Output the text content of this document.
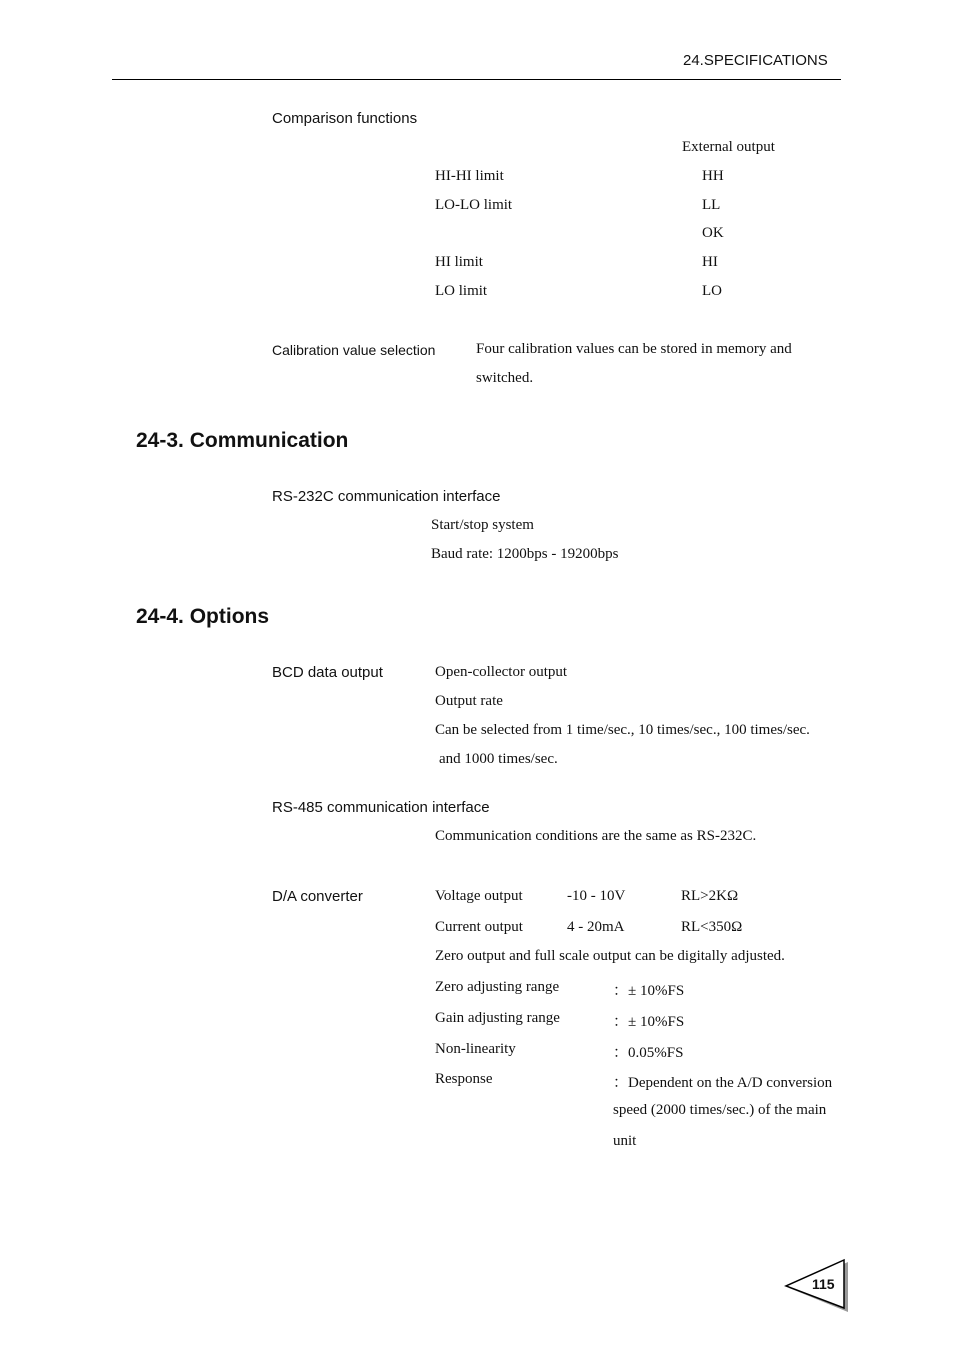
24.SPECIFICATIONS
Comparison functions
External output
HI-HI limit	HH
LO-LO limit	LL
OK
HI limit	HI
LO limit	LO
Calibration value selection	Four calibration values can be stored in memory and
switched.
24-3. Communication
RS-232C communication interface
Start/stop system
Baud rate: 1200bps - 19200bps
24-4. Options
BCD data output	Open-collector output
Output rate
Can be selected from 1 time/sec., 10 times/sec., 100 times/sec.
and 1000 times/sec.
RS-485 communication interface
Communication conditions are the same as RS-232C.
D/A converter	Voltage output	-10 - 10V	RL>2KΩ
Current output	4 - 20mA	RL<350Ω
Zero output and full scale output can be digitally adjusted.
Zero adjusting range	：± 10%FS
Gain adjusting range	：± 10%FS
Non-linearity	：0.05%FS
Response	：Dependent on the A/D conversion
speed (2000 times/sec.) of the main
unit
115
